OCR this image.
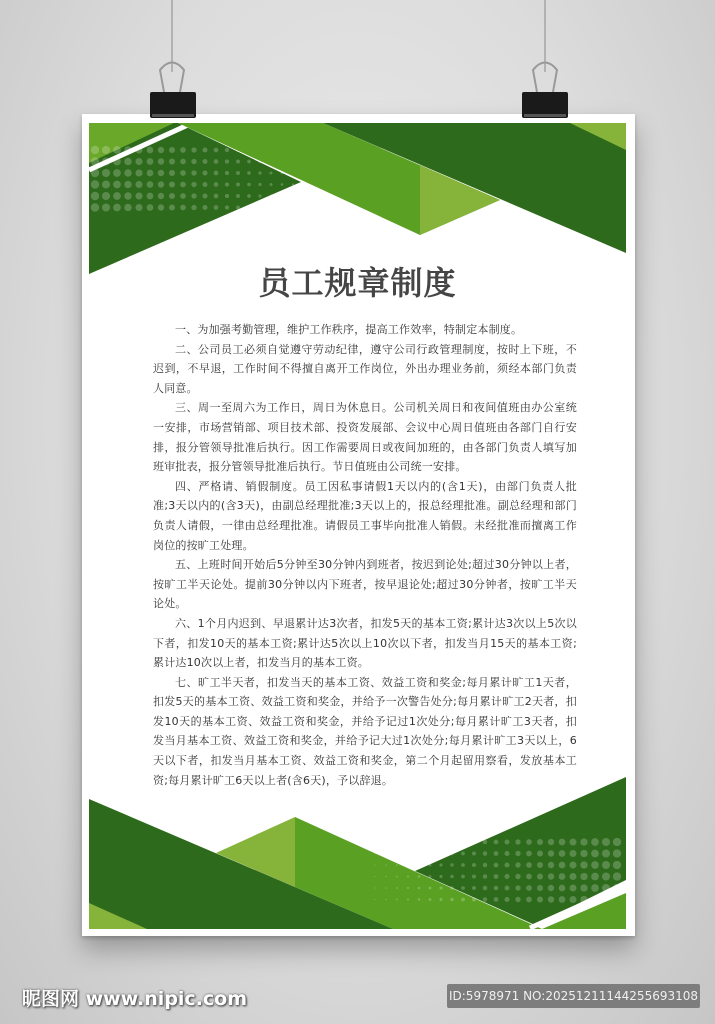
员工规章制度

一、为加强考勤管理，维护工作秩序，提高工作效率，特制定本制度。

二、公司员工必须自觉遵守劳动纪律，遵守公司行政管理制度，按时上下班，不迟到，不早退，工作时间不得擅自离开工作岗位，外出办理业务前，须经本部门负责人同意。

三、周一至周六为工作日，周日为休息日。公司机关周日和夜间值班由办公室统一安排，市场营销部、项目技术部、投资发展部、会议中心周日值班由各部门自行安排，报分管领导批准后执行。因工作需要周日或夜间加班的，由各部门负责人填写加班审批表，报分管领导批准后执行。节日值班由公司统一安排。

四、严格请、销假制度。员工因私事请假1天以内的(含1天)，由部门负责人批准;3天以内的(含3天)，由副总经理批准;3天以上的，报总经理批准。副总经理和部门负责人请假，一律由总经理批准。请假员工事毕向批准人销假。未经批准而擅离工作岗位的按旷工处理。

五、上班时间开始后5分钟至30分钟内到班者，按迟到论处;超过30分钟以上者，按旷工半天论处。提前30分钟以内下班者，按早退论处;超过30分钟者，按旷工半天论处。

六、1个月内迟到、早退累计达3次者，扣发5天的基本工资;累计达3次以上5次以下者，扣发10天的基本工资;累计达5次以上10次以下者，扣发当月15天的基本工资;累计达10次以上者，扣发当月的基本工资。

七、旷工半天者，扣发当天的基本工资、效益工资和奖金;每月累计旷工1天者，扣发5天的基本工资、效益工资和奖金，并给予一次警告处分;每月累计旷工2天者，扣发10天的基本工资、效益工资和奖金，并给予记过1次处分;每月累计旷工3天者，扣发当月基本工资、效益工资和奖金，并给予记大过1次处分;每月累计旷工3天以上，6天以下者，扣发当月基本工资、效益工资和奖金，第二个月起留用察看，发放基本工资;每月累计旷工6天以上者(含6天)，予以辞退。

昵图网 www.nipic.com	ID:5978971 NO:20251211144255693108
